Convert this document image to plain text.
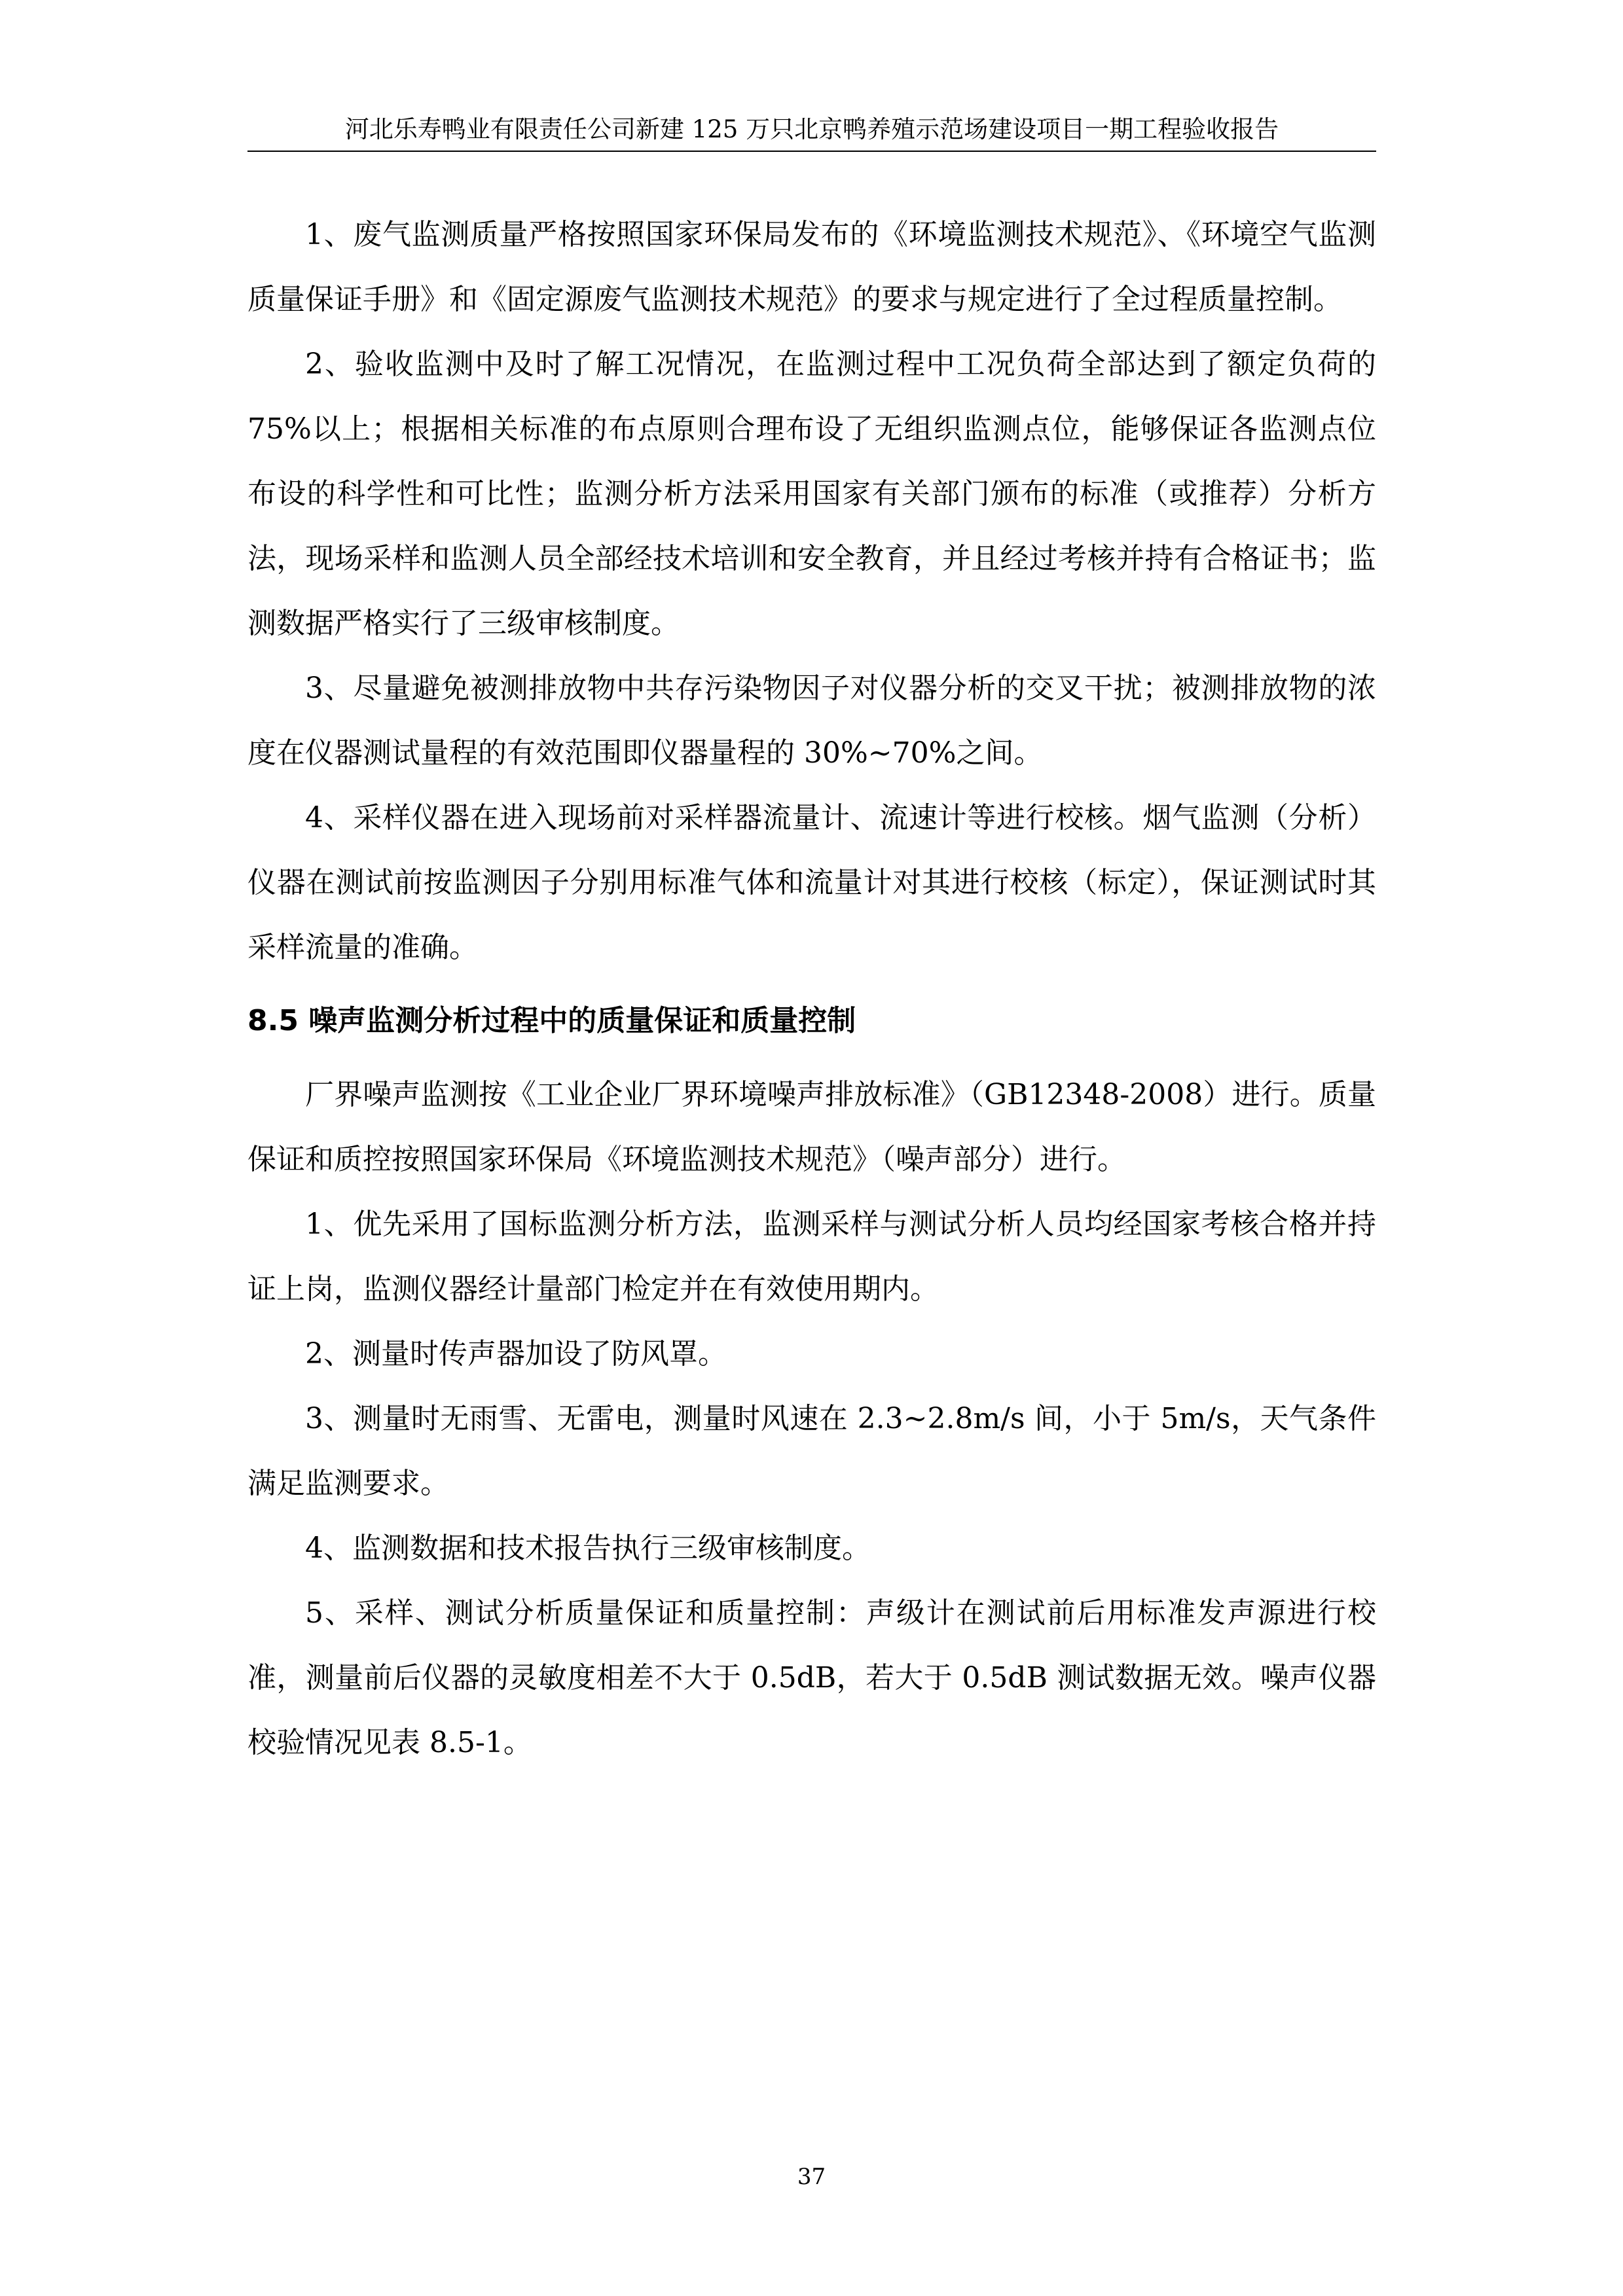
河北乐寿鸭业有限责任公司新建 125 万只北京鸭养殖示范场建设项目一期工程验收报告

1、废气监测质量严格按照国家环保局发布的《环境监测技术规范》、《环境空气监测质量保证手册》和《固定源废气监测技术规范》的要求与规定进行了全过程质量控制。

2、验收监测中及时了解工况情况，在监测过程中工况负荷全部达到了额定负荷的 75%以上；根据相关标准的布点原则合理布设了无组织监测点位，能够保证各监测点位布设的科学性和可比性；监测分析方法采用国家有关部门颁布的标准（或推荐）分析方法，现场采样和监测人员全部经技术培训和安全教育，并且经过考核并持有合格证书；监测数据严格实行了三级审核制度。

3、尽量避免被测排放物中共存污染物因子对仪器分析的交叉干扰；被测排放物的浓度在仪器测试量程的有效范围即仪器量程的 30%~70%之间。

4、采样仪器在进入现场前对采样器流量计、流速计等进行校核。烟气监测（分析）仪器在测试前按监测因子分别用标准气体和流量计对其进行校核（标定），保证测试时其采样流量的准确。

8.5 噪声监测分析过程中的质量保证和质量控制

厂界噪声监测按《工业企业厂界环境噪声排放标准》（GB12348-2008）进行。质量保证和质控按照国家环保局《环境监测技术规范》（噪声部分）进行。

1、优先采用了国标监测分析方法，监测采样与测试分析人员均经国家考核合格并持证上岗，监测仪器经计量部门检定并在有效使用期内。

2、测量时传声器加设了防风罩。

3、测量时无雨雪、无雷电，测量时风速在 2.3~2.8m/s 间，小于 5m/s，天气条件满足监测要求。

4、监测数据和技术报告执行三级审核制度。

5、采样、测试分析质量保证和质量控制：声级计在测试前后用标准发声源进行校准，测量前后仪器的灵敏度相差不大于 0.5dB，若大于 0.5dB 测试数据无效。噪声仪器校验情况见表 8.5-1。

37
